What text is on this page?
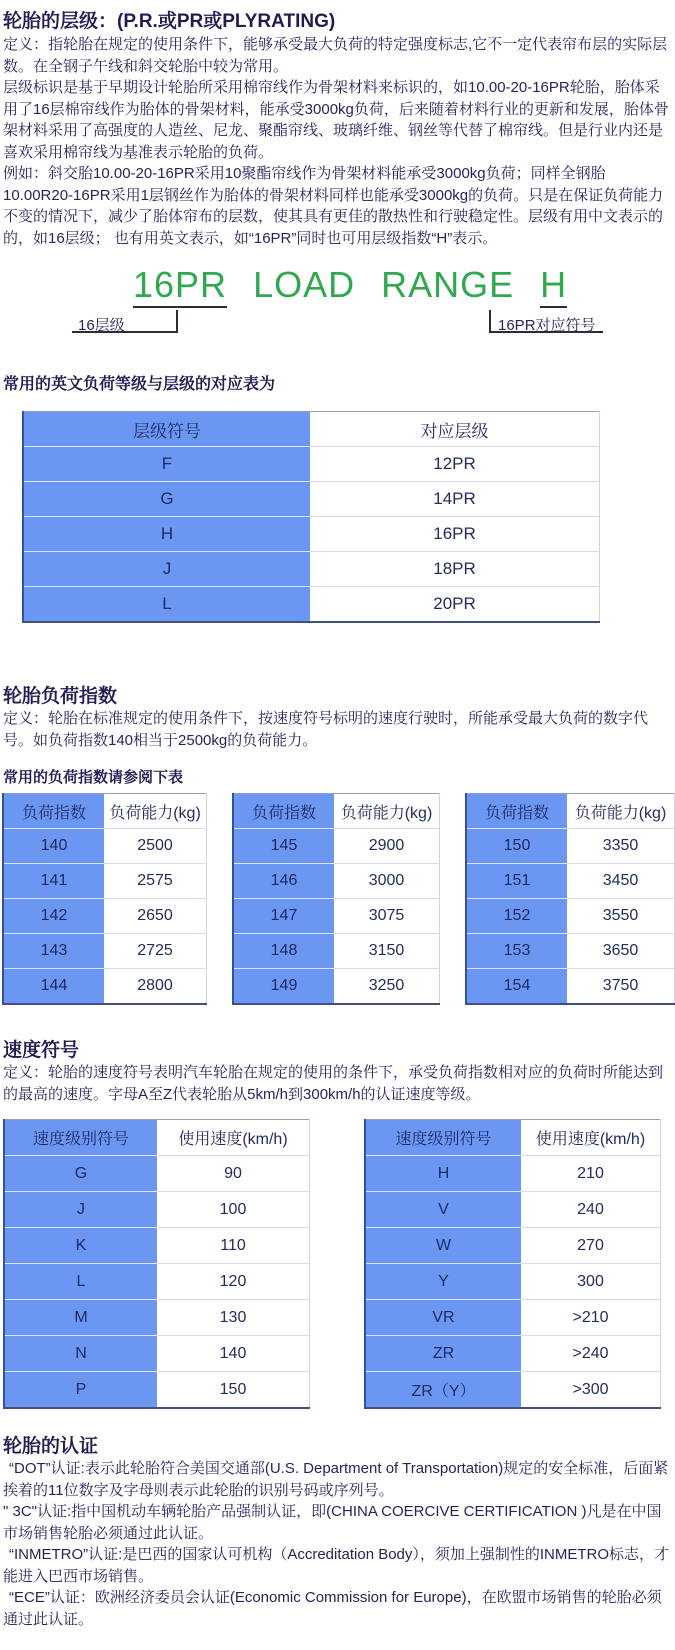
轮胎的层级：(P.R.或PR或PLYRATING)

定义：指轮胎在规定的使用条件下，能够承受最大负荷的特定强度标志,它不一定代表帘布层的实际层数。在全钢子午线和斜交轮胎中较为常用。

层级标识是基于早期设计轮胎所采用棉帘线作为骨架材料来标识的，如10.00-20-16PR轮胎，胎体采用了16层棉帘线作为胎体的骨架材料，能承受3000kg负荷，后来随着材料行业的更新和发展，胎体骨架材料采用了高强度的人造丝、尼龙、聚酯帘线、玻璃纤维、钢丝等代替了棉帘线。但是行业内还是喜欢采用棉帘线为基准表示轮胎的负荷。

例如：斜交胎10.00-20-16PR采用10聚酯帘线作为骨架材料能承受3000kg负荷；同样全钢胎10.00R20-16PR采用1层钢丝作为胎体的骨架材料同样也能承受3000kg的负荷。只是在保证负荷能力不变的情况下，减少了胎体帘布的层数，使其具有更佳的散热性和行驶稳定性。层级有用中文表示的的，如16层级； 也有用英文表示，如“16PR”同时也可用层级指数“H”表示。

16PR LOAD RANGE H
16层级	16PR对应符号
常用的英文负荷等级与层级的对应表为
层级符号	对应层级
F	12PR
G	14PR
H	16PR
J	18PR
L	20PR
轮胎负荷指数

定义：轮胎在标准规定的使用条件下，按速度符号标明的速度行驶时，所能承受最大负荷的数字代号。如负荷指数140相当于2500kg的负荷能力。

常用的负荷指数请参阅下表
负荷指数	负荷能力(kg)
140	2500
141	2575
142	2650
143	2725
144	2800
负荷指数	负荷能力(kg)
145	2900
146	3000
147	3075
148	3150
149	3250
负荷指数	负荷能力(kg)
150	3350
151	3450
152	3550
153	3650
154	3750
速度符号

定义：轮胎的速度符号表明汽车轮胎在规定的使用的条件下，承受负荷指数相对应的负荷时所能达到的最高的速度。字母A至Z代表轮胎从5km/h到300km/h的认证速度等级。

速度级别符号	使用速度(km/h)
G	90
J	100
K	110
L	120
M	130
N	140
P	150
速度级别符号	使用速度(km/h)
H	210
V	240
W	270
Y	300
VR	>210
ZR	>240
ZR（Y）	>300
轮胎的认证

“DOT”认证:表示此轮胎符合美国交通部(U.S. Department of Transportation)规定的安全标准，后面紧挨着的11位数字及字母则表示此轮胎的识别号码或序列号。

" 3C"认证:指中国机动车辆轮胎产品强制认证，即(CHINA COERCIVE CERTIFICATION )凡是在中国市场销售轮胎必须通过此认证。

“INMETRO”认证:是巴西的国家认可机构（Accreditation Body），须加上强制性的INMETRO标志，才能进入巴西市场销售。

“ECE”认证：欧洲经济委员会认证(Economic Commission for Europe)，在欧盟市场销售的轮胎必须通过此认证。
